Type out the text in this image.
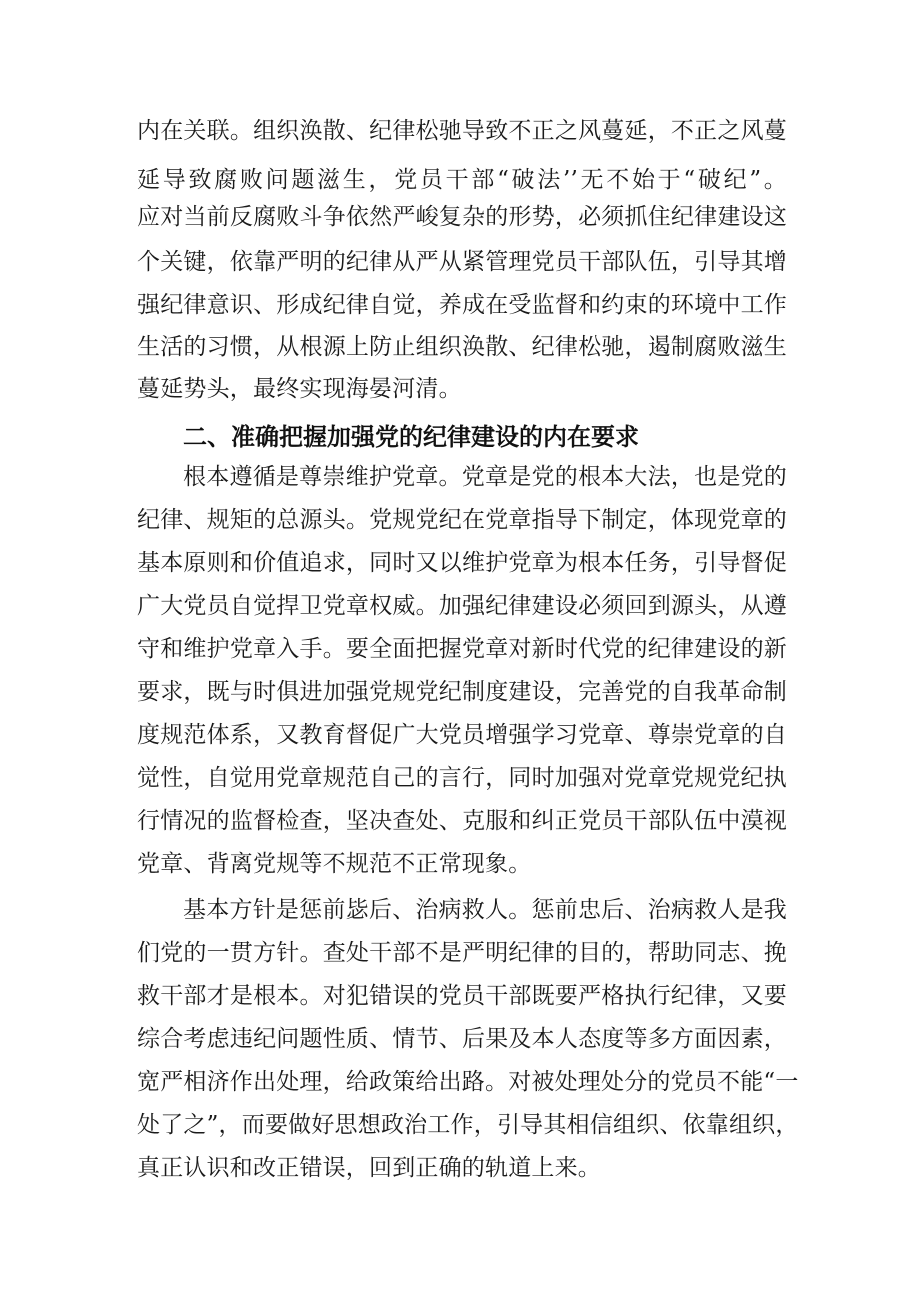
内在关联。组织涣散、纪律松驰导致不正之风蔓延，不正之风蔓
延导致腐败问题滋生，党员干部“破法’’无不始于“破纪”。
应对当前反腐败斗争依然严峻复杂的形势，必须抓住纪律建设这
个关键，依靠严明的纪律从严从紧管理党员干部队伍，引导其增
强纪律意识、形成纪律自觉，养成在受监督和约束的环境中工作
生活的习惯，从根源上防止组织涣散、纪律松驰，遏制腐败滋生
蔓延势头，最终实现海晏河清。
二、准确把握加强党的纪律建设的内在要求
根本遵循是尊崇维护党章。党章是党的根本大法，也是党的
纪律、规矩的总源头。党规党纪在党章指导下制定，体现党章的
基本原则和价值追求，同时又以维护党章为根本任务，引导督促
广大党员自觉捍卫党章权威。加强纪律建设必须回到源头，从遵
守和维护党章入手。要全面把握党章对新时代党的纪律建设的新
要求，既与时俱进加强党规党纪制度建设，完善党的自我革命制
度规范体系，又教育督促广大党员增强学习党章、尊崇党章的自
觉性，自觉用党章规范自己的言行，同时加强对党章党规党纪执
行情况的监督检查，坚决查处、克服和纠正党员干部队伍中漠视
党章、背离党规等不规范不正常现象。
基本方针是惩前毖后、治病救人。惩前忠后、治病救人是我
们党的一贯方针。查处干部不是严明纪律的目的，帮助同志、挽
救干部才是根本。对犯错误的党员干部既要严格执行纪律，又要
综合考虑违纪问题性质、情节、后果及本人态度等多方面因素，
宽严相济作出处理，给政策给出路。对被处理处分的党员不能“一
处了之”，而要做好思想政治工作，引导其相信组织、依靠组织，
真正认识和改正错误，回到正确的轨道上来。
